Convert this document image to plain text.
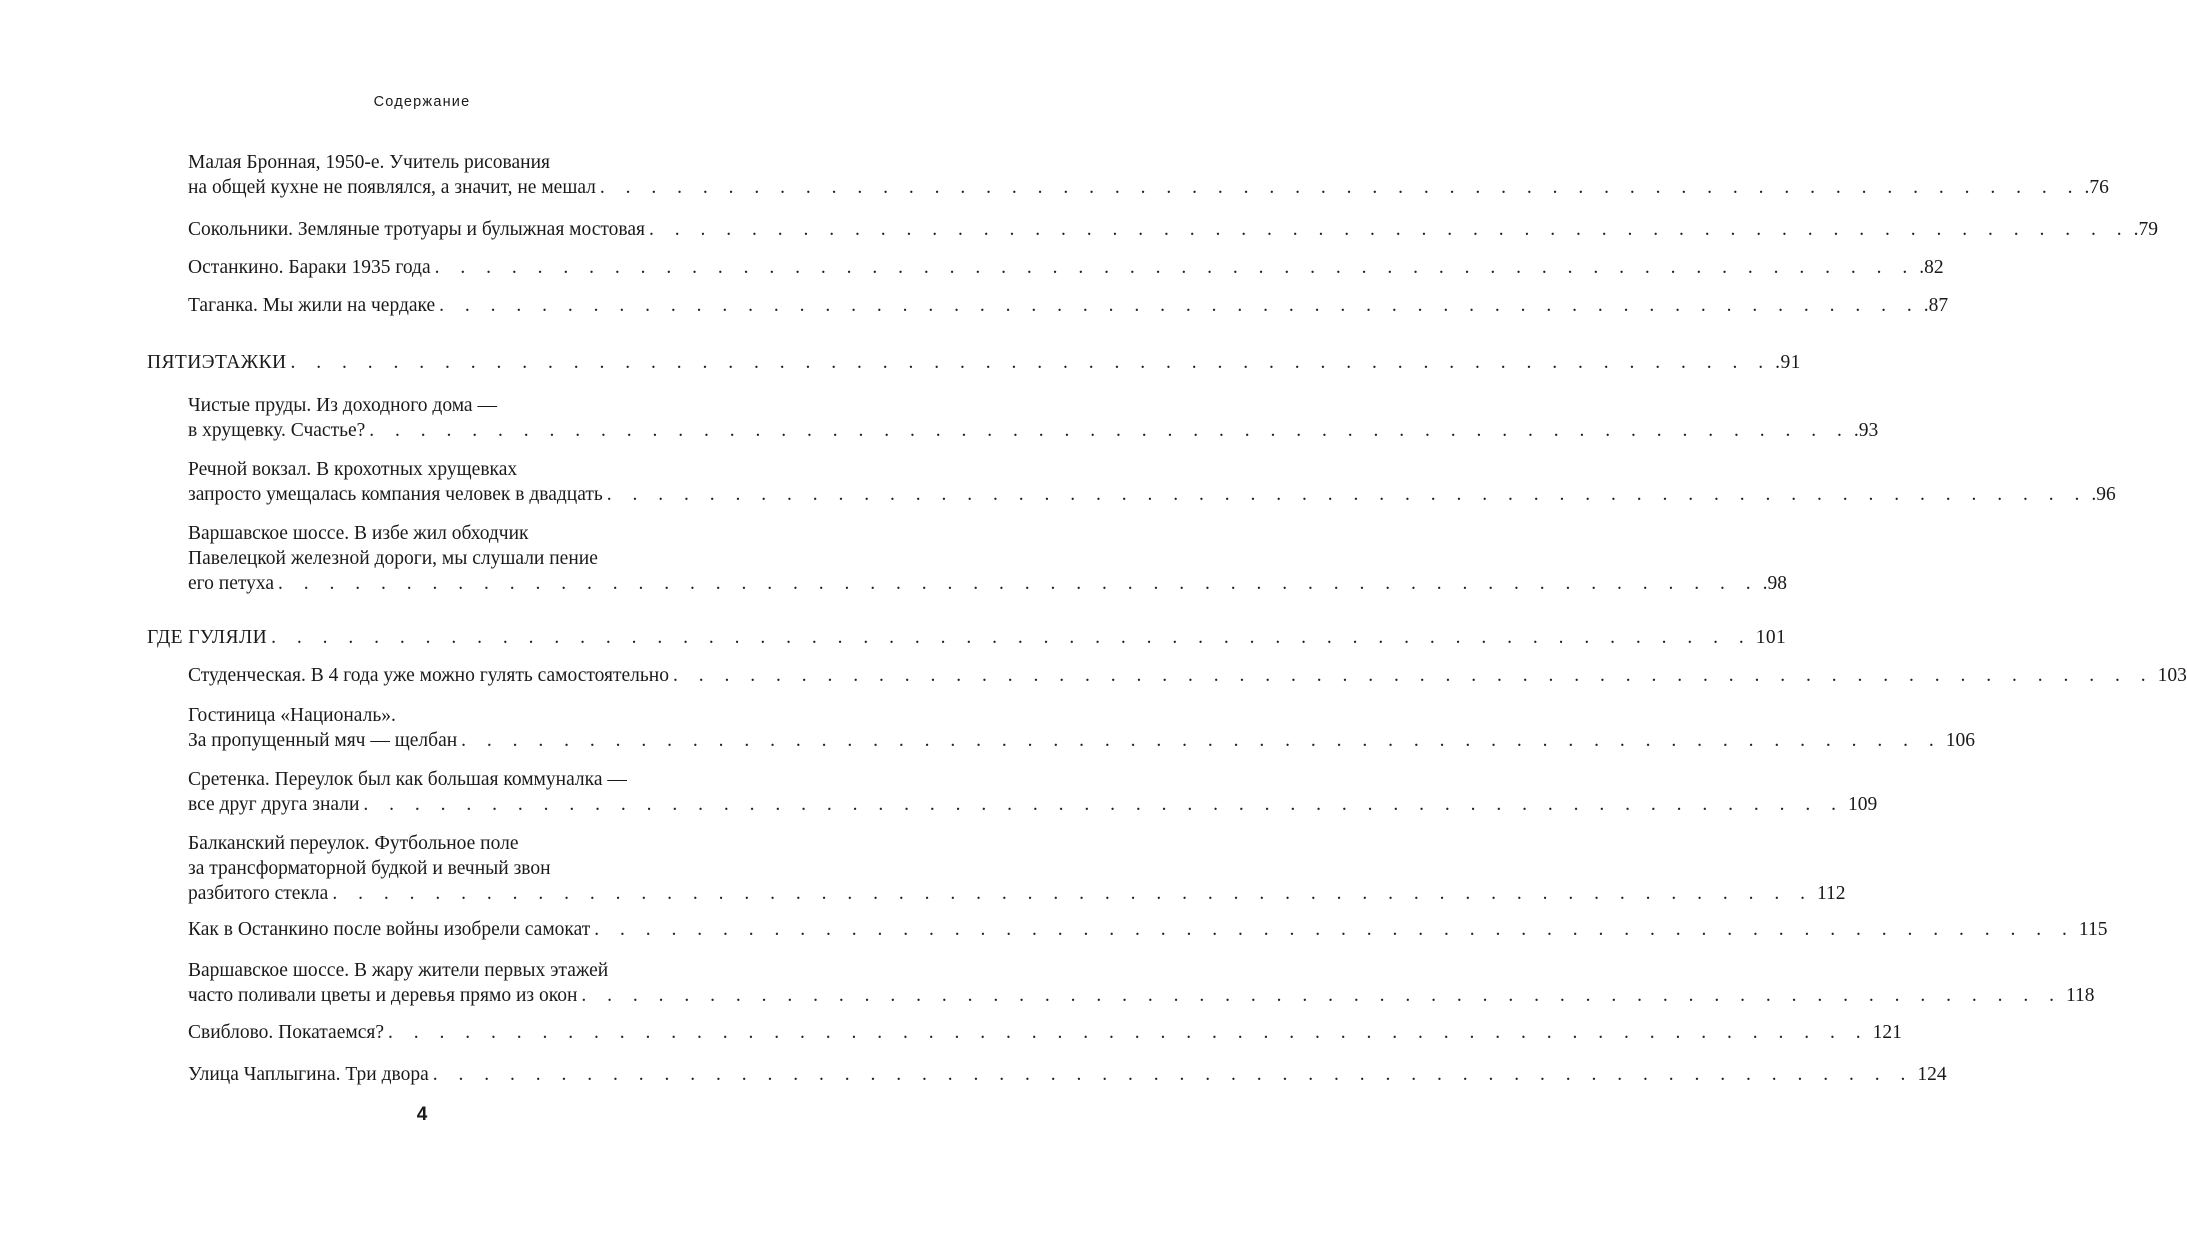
Содержание
Малая Бронная, 1950-е. Учитель рисования
на общей кухне не появлялся, а значит, не мешал . . . . . . . . . . . . . . . . . . . . . . . . . . . . . . . . . . . . . . . . . . . . . . . . . . . . . . . . . . .76
Сокольники. Земляные тротуары и булыжная мостовая . . . . . . . . . . . . . . . . . . . . . . . . . . . . . . . . . . . . . . . . . . . . . . . . . . . . . . . . . . .79
Останкино. Бараки 1935 года . . . . . . . . . . . . . . . . . . . . . . . . . . . . . . . . . . . . . . . . . . . . . . . . . . . . . . . . . . .82
Таганка. Мы жили на чердаке . . . . . . . . . . . . . . . . . . . . . . . . . . . . . . . . . . . . . . . . . . . . . . . . . . . . . . . . . . .87
ПЯТИЭТАЖКИ . . . . . . . . . . . . . . . . . . . . . . . . . . . . . . . . . . . . . . . . . . . . . . . . . . . . . . . . . . .91
Чистые пруды. Из доходного дома —
в хрущевку. Счастье? . . . . . . . . . . . . . . . . . . . . . . . . . . . . . . . . . . . . . . . . . . . . . . . . . . . . . . . . . . .93
Речной вокзал. В крохотных хрущевках
запросто умещалась компания человек в двадцать . . . . . . . . . . . . . . . . . . . . . . . . . . . . . . . . . . . . . . . . . . . . . . . . . . . . . . . . . . .96
Варшавское шоссе. В избе жил обходчик
Павелецкой железной дороги, мы слушали пение
его петуха . . . . . . . . . . . . . . . . . . . . . . . . . . . . . . . . . . . . . . . . . . . . . . . . . . . . . . . . . . .98
ГДЕ ГУЛЯЛИ . . . . . . . . . . . . . . . . . . . . . . . . . . . . . . . . . . . . . . . . . . . . . . . . . . . . . . . . . . 101
Студенческая. В 4 года уже можно гулять самостоятельно . . . . . . . . . . . . . . . . . . . . . . . . . . . . . . . . . . . . . . . . . . . . . . . . . . . . . . . . . . 103
Гостиница «Националь».
За пропущенный мяч — щелбан . . . . . . . . . . . . . . . . . . . . . . . . . . . . . . . . . . . . . . . . . . . . . . . . . . . . . . . . . . 106
Сретенка. Переулок был как большая коммуналка —
все друг друга знали . . . . . . . . . . . . . . . . . . . . . . . . . . . . . . . . . . . . . . . . . . . . . . . . . . . . . . . . . . 109
Балканский переулок. Футбольное поле
за трансформаторной будкой и вечный звон
разбитого стекла . . . . . . . . . . . . . . . . . . . . . . . . . . . . . . . . . . . . . . . . . . . . . . . . . . . . . . . . . . 112
Как в Останкино после войны изобрели самокат . . . . . . . . . . . . . . . . . . . . . . . . . . . . . . . . . . . . . . . . . . . . . . . . . . . . . . . . . . 115
Варшавское шоссе. В жару жители первых этажей
часто поливали цветы и деревья прямо из окон . . . . . . . . . . . . . . . . . . . . . . . . . . . . . . . . . . . . . . . . . . . . . . . . . . . . . . . . . . 118
Свиблово. Покатаемся? . . . . . . . . . . . . . . . . . . . . . . . . . . . . . . . . . . . . . . . . . . . . . . . . . . . . . . . . . . 121
Улица Чаплыгина. Три двора . . . . . . . . . . . . . . . . . . . . . . . . . . . . . . . . . . . . . . . . . . . . . . . . . . . . . . . . . . 124
4
